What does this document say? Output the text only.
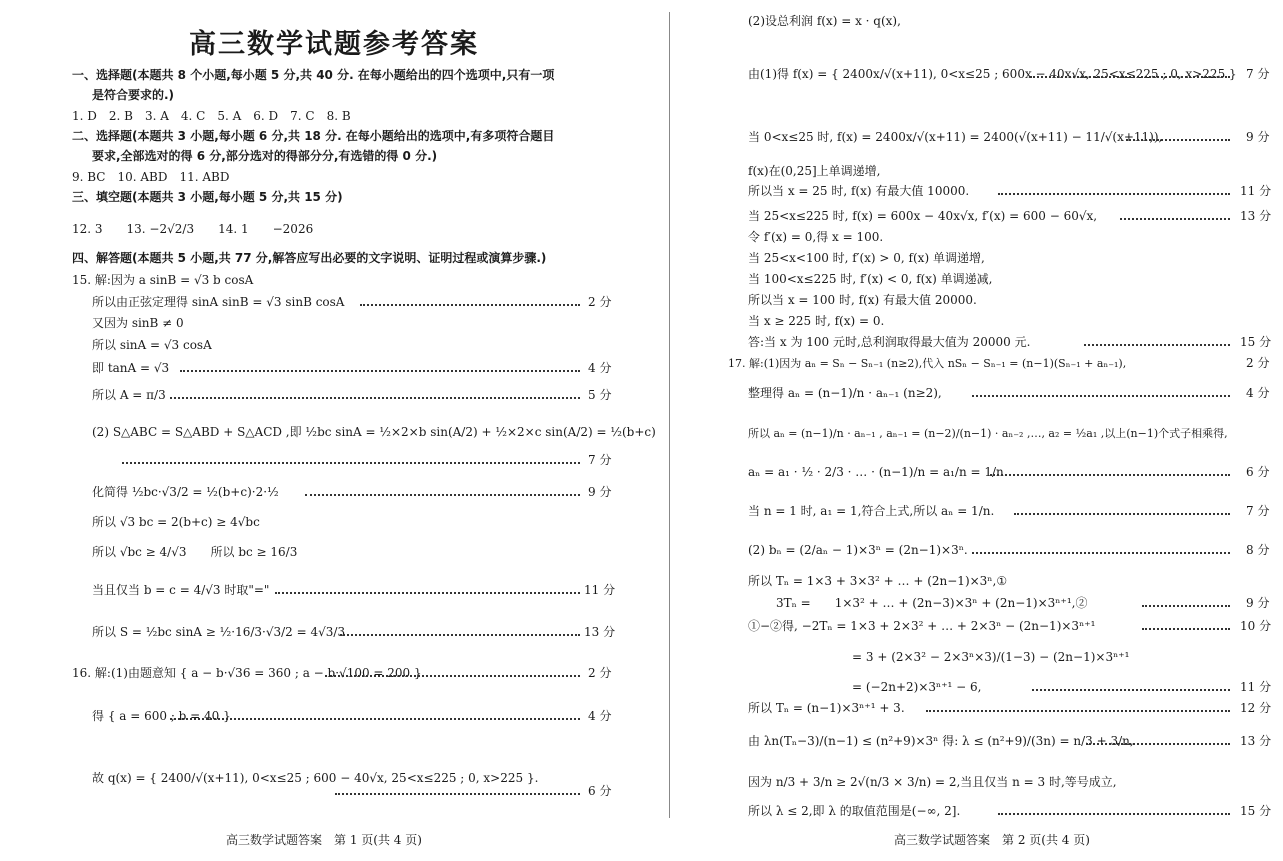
高三数学试题参考答案
一、选择题(本题共 8 个小题,每小题 5 分,共 40 分. 在每小题给出的四个选项中,只有一项
是符合要求的.)
1. D　2. B　3. A　4. C　5. A　6. D　7. C　8. B
二、选择题(本题共 3 小题,每小题 6 分,共 18 分. 在每小题给出的选项中,有多项符合题目
要求,全部选对的得 6 分,部分选对的得部分分,有选错的得 0 分.)
9. BC　10. ABD　11. ABD
三、填空题(本题共 3 小题,每小题 5 分,共 15 分)
12. 3　　13. −2√2/3　　14. 1　　−2026
四、解答题(本题共 5 小题,共 77 分,解答应写出必要的文字说明、证明过程或演算步骤.)
15. 解:因为 a sinB = √3 b cosA
所以由正弦定理得 sinA sinB = √3 sinB cosA	2 分
又因为 sinB ≠ 0
所以 sinA = √3 cosA
即 tanA = √3	4 分
所以 A = π/3	5 分
(2) S△ABC = S△ABD + S△ACD ,即 ½bc sinA = ½×2×b sin(A/2) + ½×2×c sin(A/2) = ½(b+c)
7 分
化简得 ½bc·√3/2 = ½(b+c)·2·½	9 分
所以 √3 bc = 2(b+c) ≥ 4√bc
所以 √bc ≥ 4/√3　　所以 bc ≥ 16/3
当且仅当 b = c = 4/√3 时取"="	11 分
所以 S = ½bc sinA ≥ ½·16/3·√3/2 = 4√3/3	13 分
16. 解:(1)由题意知 { a − b·√36 = 360 ; a − b·√100 = 200 }	2 分
得 { a = 600 ; b = 40 }	4 分
故 q(x) = { 2400/√(x+11), 0<x≤25 ; 600 − 40√x, 25<x≤225 ; 0, x>225 }.
6 分
高三数学试题答案　第 1 页(共 4 页)
(2)设总利润 f(x) = x · q(x),
由(1)得 f(x) = { 2400x/√(x+11), 0<x≤25 ; 600x − 40x√x, 25<x≤225 ; 0, x>225 } 7 分
当 0<x≤25 时, f(x) = 2400x/√(x+11) = 2400(√(x+11) − 11/√(x+11)),	9 分
f(x)在(0,25]上单调递增,
所以当 x = 25 时, f(x) 有最大值 10000.	11 分
当 25<x≤225 时, f(x) = 600x − 40x√x, f′(x) = 600 − 60√x,	13 分
令 f′(x) = 0,得 x = 100.
当 25<x<100 时, f′(x) > 0, f(x) 单调递增,
当 100<x≤225 时, f′(x) < 0, f(x) 单调递减,
所以当 x = 100 时, f(x) 有最大值 20000.
当 x ≥ 225 时, f(x) = 0.
答:当 x 为 100 元时,总利润取得最大值为 20000 元.	15 分
17. 解:(1)因为 aₙ = Sₙ − Sₙ₋₁ (n≥2),代入 nSₙ − Sₙ₋₁ = (n−1)(Sₙ₋₁ + aₙ₋₁),	2 分
整理得 aₙ = (n−1)/n · aₙ₋₁ (n≥2),	4 分
所以 aₙ = (n−1)/n · aₙ₋₁ , aₙ₋₁ = (n−2)/(n−1) · aₙ₋₂ ,…, a₂ = ½a₁ ,以上(n−1)个式子相乘得,
aₙ = a₁ · ½ · 2/3 · … · (n−1)/n = a₁/n = 1/n.	6 分
当 n = 1 时, a₁ = 1,符合上式,所以 aₙ = 1/n.	7 分
(2) bₙ = (2/aₙ − 1)×3ⁿ = (2n−1)×3ⁿ.	8 分
所以 Tₙ = 1×3 + 3×3² + … + (2n−1)×3ⁿ,①
3Tₙ =　　1×3² + … + (2n−3)×3ⁿ + (2n−1)×3ⁿ⁺¹,②	9 分
①−②得, −2Tₙ = 1×3 + 2×3² + … + 2×3ⁿ − (2n−1)×3ⁿ⁺¹	10 分
= 3 + (2×3² − 2×3ⁿ×3)/(1−3) − (2n−1)×3ⁿ⁺¹
= (−2n+2)×3ⁿ⁺¹ − 6,	11 分
所以 Tₙ = (n−1)×3ⁿ⁺¹ + 3.	12 分
由 λn(Tₙ−3)/(n−1) ≤ (n²+9)×3ⁿ 得: λ ≤ (n²+9)/(3n) = n/3 + 3/n,	13 分
因为 n/3 + 3/n ≥ 2√(n/3 × 3/n) = 2,当且仅当 n = 3 时,等号成立,
所以 λ ≤ 2,即 λ 的取值范围是(−∞, 2].	15 分
高三数学试题答案　第 2 页(共 4 页)
